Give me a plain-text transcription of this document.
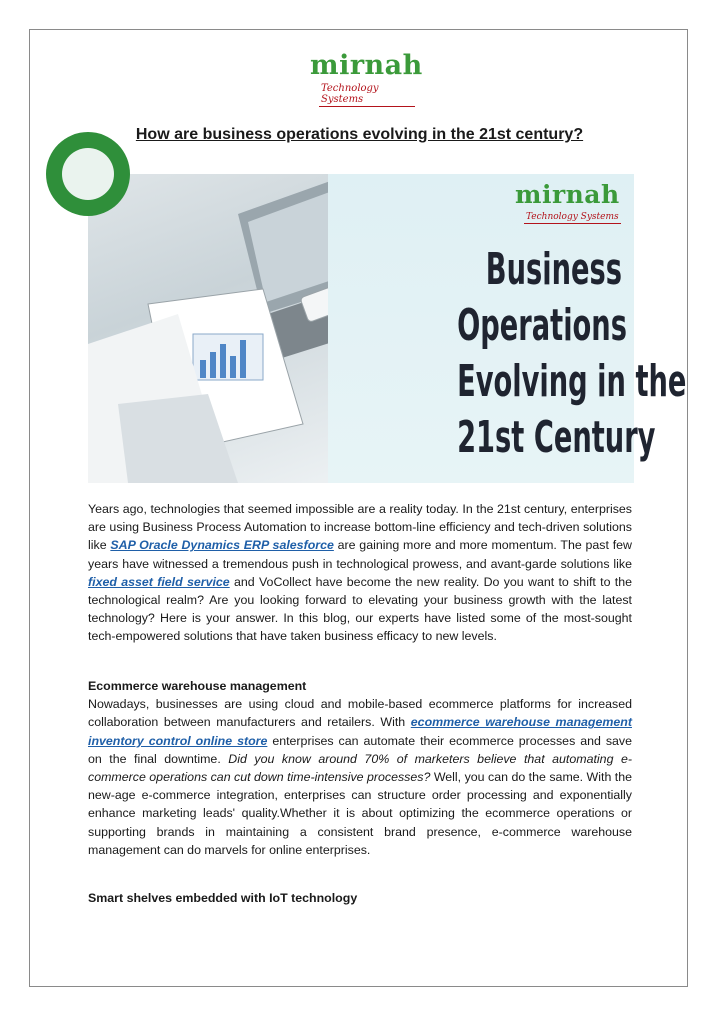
mirnah
Technology Systems
How are business operations evolving in the 21st century?
mirnah
Technology Systems
Business
Operations
Evolving in the
21st Century
Years ago, technologies that seemed impossible are a reality today. In the 21st century, enterprises are using Business Process Automation to increase bottom-line efficiency and tech-driven solutions like SAP Oracle Dynamics ERP salesforce are gaining more and more momentum. The past few years have witnessed a tremendous push in technological prowess, and avant-garde solutions like fixed asset field service and VoCollect have become the new reality. Do you want to shift to the technological realm? Are you looking forward to elevating your business growth with the latest technology? Here is your answer. In this blog, our experts have listed some of the most-sought tech-empowered solutions that have taken business efficacy to new levels.
Ecommerce warehouse management
Nowadays, businesses are using cloud and mobile-based ecommerce platforms for increased collaboration between manufacturers and retailers. With ecommerce warehouse management inventory control online store enterprises can automate their ecommerce processes and save on the final downtime. Did you know around 70% of marketers believe that automating e-commerce operations can cut down time-intensive processes? Well, you can do the same. With the new-age e-commerce integration, enterprises can structure order processing and exponentially enhance marketing leads' quality.Whether it is about optimizing the ecommerce operations or supporting brands in maintaining a consistent brand presence, e-commerce warehouse management can do marvels for online enterprises.
Smart shelves embedded with IoT technology
